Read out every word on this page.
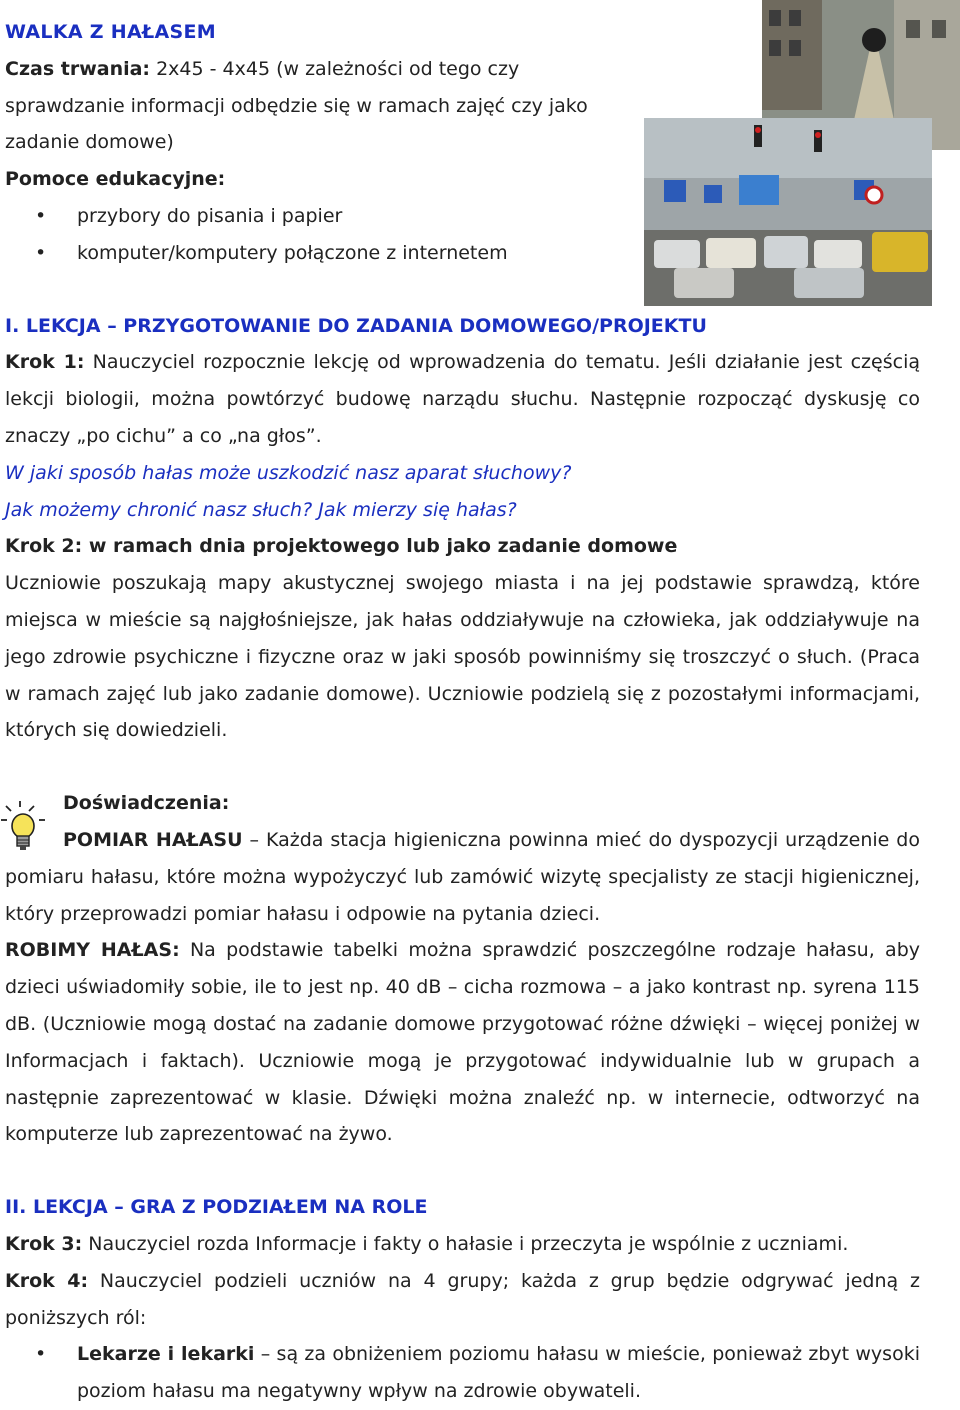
WALKA Z HAŁASEM

Czas trwania: 2x45 - 4x45 (w zależności od tego czy sprawdzanie informacji odbędzie się w ramach zajęć czy jako zadanie domowe)

Pomoce edukacyjne:

• przybory do pisania i papier
• komputer/komputery połączone z internetem

I. LEKCJA – PRZYGOTOWANIE DO ZADANIA DOMOWEGO/PROJEKTU

Krok 1: Nauczyciel rozpocznie lekcję od wprowadzenia do tematu. Jeśli działanie jest częścią lekcji biologii, można powtórzyć budowę narządu słuchu. Następnie rozpocząć dyskusję co znaczy „po cichu” a co „na głos”.

W jaki sposób hałas może uszkodzić nasz aparat słuchowy?

Jak możemy chronić nasz słuch? Jak mierzy się hałas?

Krok 2: w ramach dnia projektowego lub jako zadanie domowe

Uczniowie poszukają mapy akustycznej swojego miasta i na jej podstawie sprawdzą, które miejsca w mieście są najgłośniejsze, jak hałas oddziaływuje na człowieka, jak oddziaływuje na jego zdrowie psychiczne i fizyczne oraz w jaki sposób powinniśmy się troszczyć o słuch. (Praca w ramach zajęć lub jako zadanie domowe). Uczniowie podzielą się z pozostałymi informacjami, których się dowiedzieli.

Doświadczenia:

POMIAR HAŁASU – Każda stacja higieniczna powinna mieć do dyspozycji urządzenie do pomiaru hałasu, które można wypożyczyć lub zamówić wizytę specjalisty ze stacji higienicznej, który przeprowadzi pomiar hałasu i odpowie na pytania dzieci.

ROBIMY HAŁAS: Na podstawie tabelki można sprawdzić poszczególne rodzaje hałasu, aby dzieci uświadomiły sobie, ile to jest np. 40 dB – cicha rozmowa – a jako kontrast np. syrena 115 dB. (Uczniowie mogą dostać na zadanie domowe przygotować różne dźwięki – więcej poniżej w Informacjach i faktach). Uczniowie mogą je przygotować indywidualnie lub w grupach a następnie zaprezentować w klasie. Dźwięki można znaleźć np. w internecie, odtworzyć na komputerze lub zaprezentować na żywo.

II. LEKCJA – GRA Z PODZIAŁEM NA ROLE

Krok 3: Nauczyciel rozda Informacje i fakty o hałasie i przeczyta je wspólnie z uczniami.

Krok 4: Nauczyciel podzieli uczniów na 4 grupy; każda z grup będzie odgrywać jedną z poniższych ról:

• Lekarze i lekarki – są za obniżeniem poziomu hałasu w mieście, ponieważ zbyt wysoki poziom hałasu ma negatywny wpływ na zdrowie obywateli.
